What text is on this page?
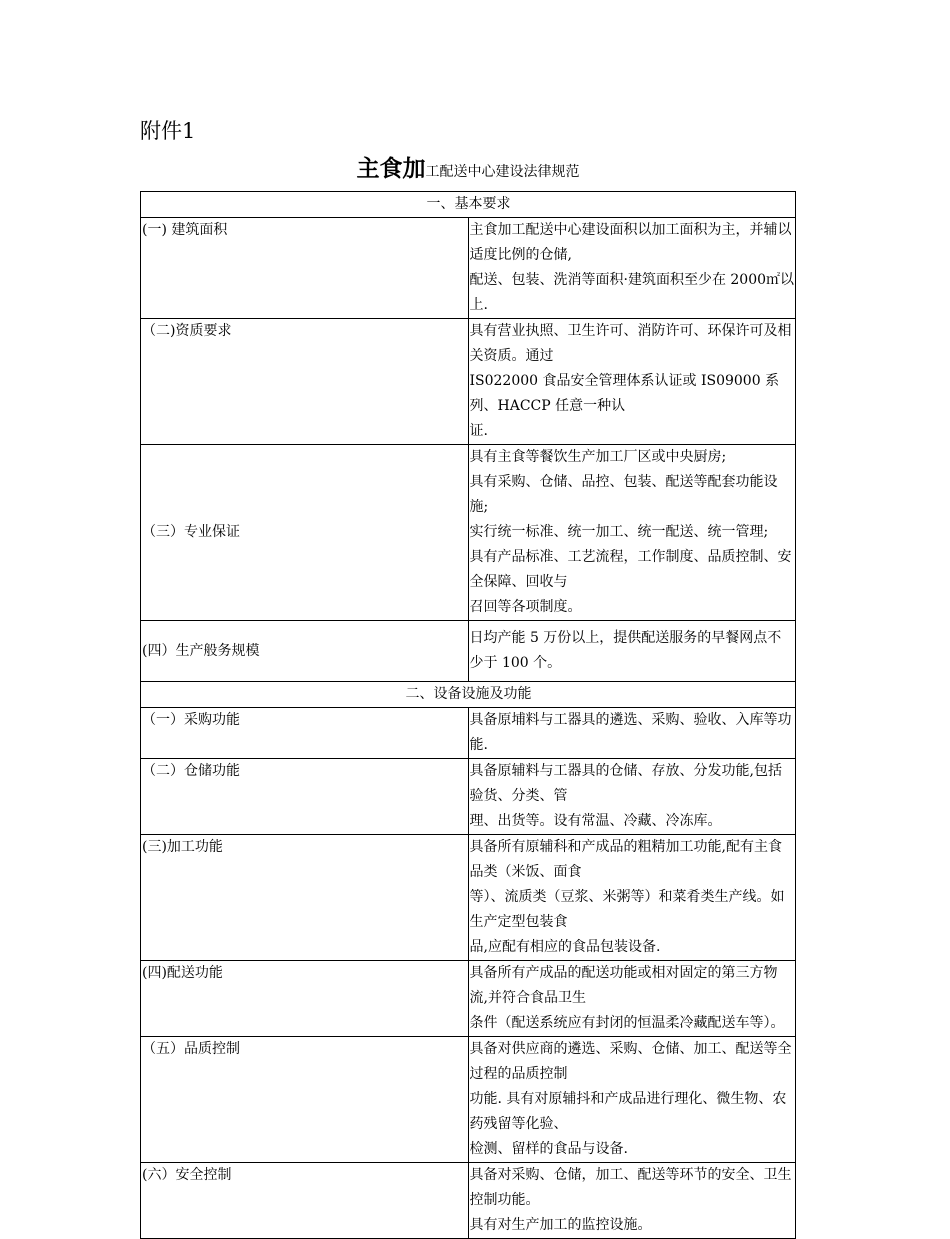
附件1
主食加工配送中心建设法律规范
一、基本要求	
(一) 建筑面积	主食加工配送中心建设面积以加工面积为主，并辅以适度比例的仓储,
配送、包装、洗消等面积·建筑面积至少在 2000㎡以上.

（二)资质要求	具有营业执照、卫生许可、消防许可、环保许可及相关资质。通过
IS022000 食品安全管理体系认证或 IS09000 系列、HACCP 任意一种认
证.

（三）专业保证	具有主食等餐饮生产加工厂区或中央厨房;
具有采购、仓储、品控、包装、配送等配套功能设施;
实行统一标准、统一加工、统一配送、统一管理;
具有产品标准、工艺流程，工作制度、品质控制、安全保障、回收与
召回等各项制度。

(四）生产般务规模	日均产能 5 万份以上，提供配送服务的早餐网点不少于 100 个。

二、设备设施及功能	
（一）采购功能	具备原埔料与工器具的遴选、采购、验收、入库等功能.

（二）仓储功能	具备原辅料与工器具的仓储、存放、分发功能,包括验货、分类、管
理、出货等。设有常温、冷藏、冷冻库。

(三)加工功能	具备所有原辅科和产成品的粗精加工功能,配有主食品类（米饭、面食
等）、流质类（豆浆、米粥等）和菜肴类生产线。如生产定型包装食
品,应配有相应的食品包装设备.

(四)配送功能	具备所有产成品的配送功能或相对固定的第三方物流,并符合食品卫生
条件（配送系统应有封闭的恒温柔冷藏配送车等）。

（五）品质控制	具备对供应商的遴选、采购、仓储、加工、配送等全过程的品质控制
功能. 具有对原辅抖和产成品进行理化、微生物、农药残留等化验、
检测、留样的食品与设备.

(六）安全控制	具备对采购、仓储，加工、配送等环节的安全、卫生控制功能。
具有对生产加工的监控设施。
